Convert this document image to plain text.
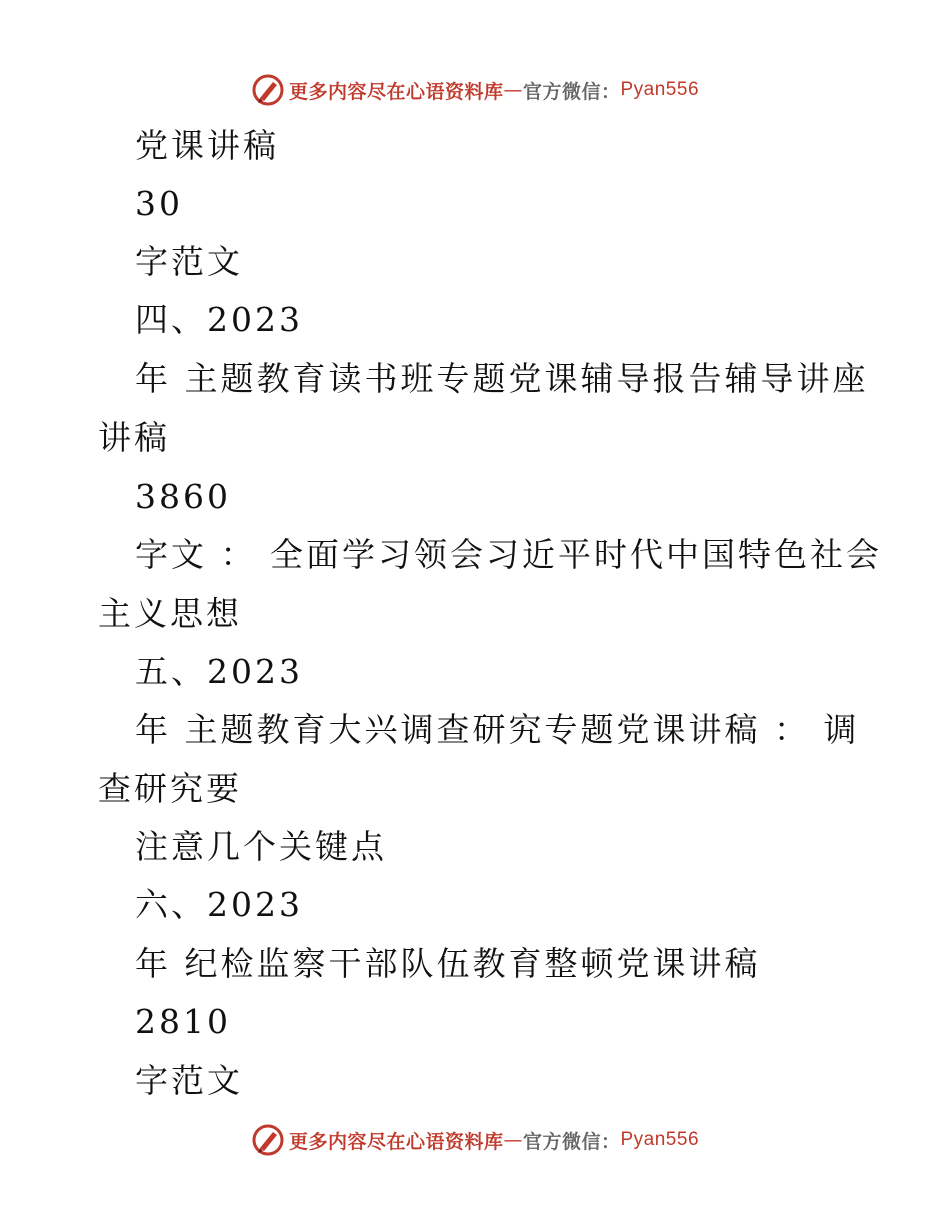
更多内容尽在心语资料库 — 官方微信： Pyan556
党课讲稿
30
字范文
四、2023
年 主题教育读书班专题党课辅导报告辅导讲座
讲稿
3860
字文 ： 全面学习领会习近平时代中国特色社会
主义思想
五、2023
年 主题教育大兴调查研究专题党课讲稿 ： 调
查研究要
注意几个关键点
六、2023
年 纪检监察干部队伍教育整顿党课讲稿
2810
字范文
更多内容尽在心语资料库 — 官方微信： Pyan556
